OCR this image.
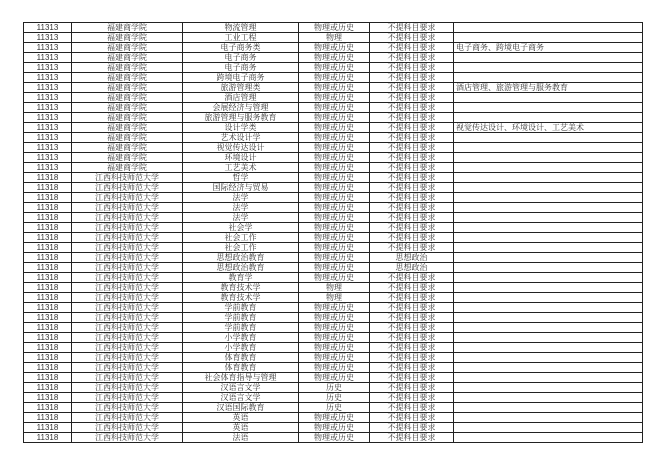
11313	福建商学院	物流管理	物理或历史	不提科目要求	
11313	福建商学院	工业工程	物理	不提科目要求	
11313	福建商学院	电子商务类	物理或历史	不提科目要求	电子商务、跨境电子商务
11313	福建商学院	电子商务	物理或历史	不提科目要求	
11313	福建商学院	电子商务	物理或历史	不提科目要求	
11313	福建商学院	跨境电子商务	物理或历史	不提科目要求	
11313	福建商学院	旅游管理类	物理或历史	不提科目要求	酒店管理、旅游管理与服务教育
11313	福建商学院	酒店管理	物理或历史	不提科目要求	
11313	福建商学院	会展经济与管理	物理或历史	不提科目要求	
11313	福建商学院	旅游管理与服务教育	物理或历史	不提科目要求	
11313	福建商学院	设计学类	物理或历史	不提科目要求	视觉传达设计、环境设计、工艺美术
11313	福建商学院	艺术设计学	物理或历史	不提科目要求	
11313	福建商学院	视觉传达设计	物理或历史	不提科目要求	
11313	福建商学院	环境设计	物理或历史	不提科目要求	
11313	福建商学院	工艺美术	物理或历史	不提科目要求	
11318	江西科技师范大学	哲学	物理或历史	不提科目要求	
11318	江西科技师范大学	国际经济与贸易	物理或历史	不提科目要求	
11318	江西科技师范大学	法学	物理或历史	不提科目要求	
11318	江西科技师范大学	法学	物理或历史	不提科目要求	
11318	江西科技师范大学	法学	物理或历史	不提科目要求	
11318	江西科技师范大学	社会学	物理或历史	不提科目要求	
11318	江西科技师范大学	社会工作	物理或历史	不提科目要求	
11318	江西科技师范大学	社会工作	物理或历史	不提科目要求	
11318	江西科技师范大学	思想政治教育	物理或历史	思想政治	
11318	江西科技师范大学	思想政治教育	物理或历史	思想政治	
11318	江西科技师范大学	教育学	物理或历史	不提科目要求	
11318	江西科技师范大学	教育技术学	物理	不提科目要求	
11318	江西科技师范大学	教育技术学	物理	不提科目要求	
11318	江西科技师范大学	学前教育	物理或历史	不提科目要求	
11318	江西科技师范大学	学前教育	物理或历史	不提科目要求	
11318	江西科技师范大学	学前教育	物理或历史	不提科目要求	
11318	江西科技师范大学	小学教育	物理或历史	不提科目要求	
11318	江西科技师范大学	小学教育	物理或历史	不提科目要求	
11318	江西科技师范大学	体育教育	物理或历史	不提科目要求	
11318	江西科技师范大学	体育教育	物理或历史	不提科目要求	
11318	江西科技师范大学	社会体育指导与管理	物理或历史	不提科目要求	
11318	江西科技师范大学	汉语言文学	历史	不提科目要求	
11318	江西科技师范大学	汉语言文学	历史	不提科目要求	
11318	江西科技师范大学	汉语国际教育	历史	不提科目要求	
11318	江西科技师范大学	英语	物理或历史	不提科目要求	
11318	江西科技师范大学	英语	物理或历史	不提科目要求	
11318	江西科技师范大学	法语	物理或历史	不提科目要求	
